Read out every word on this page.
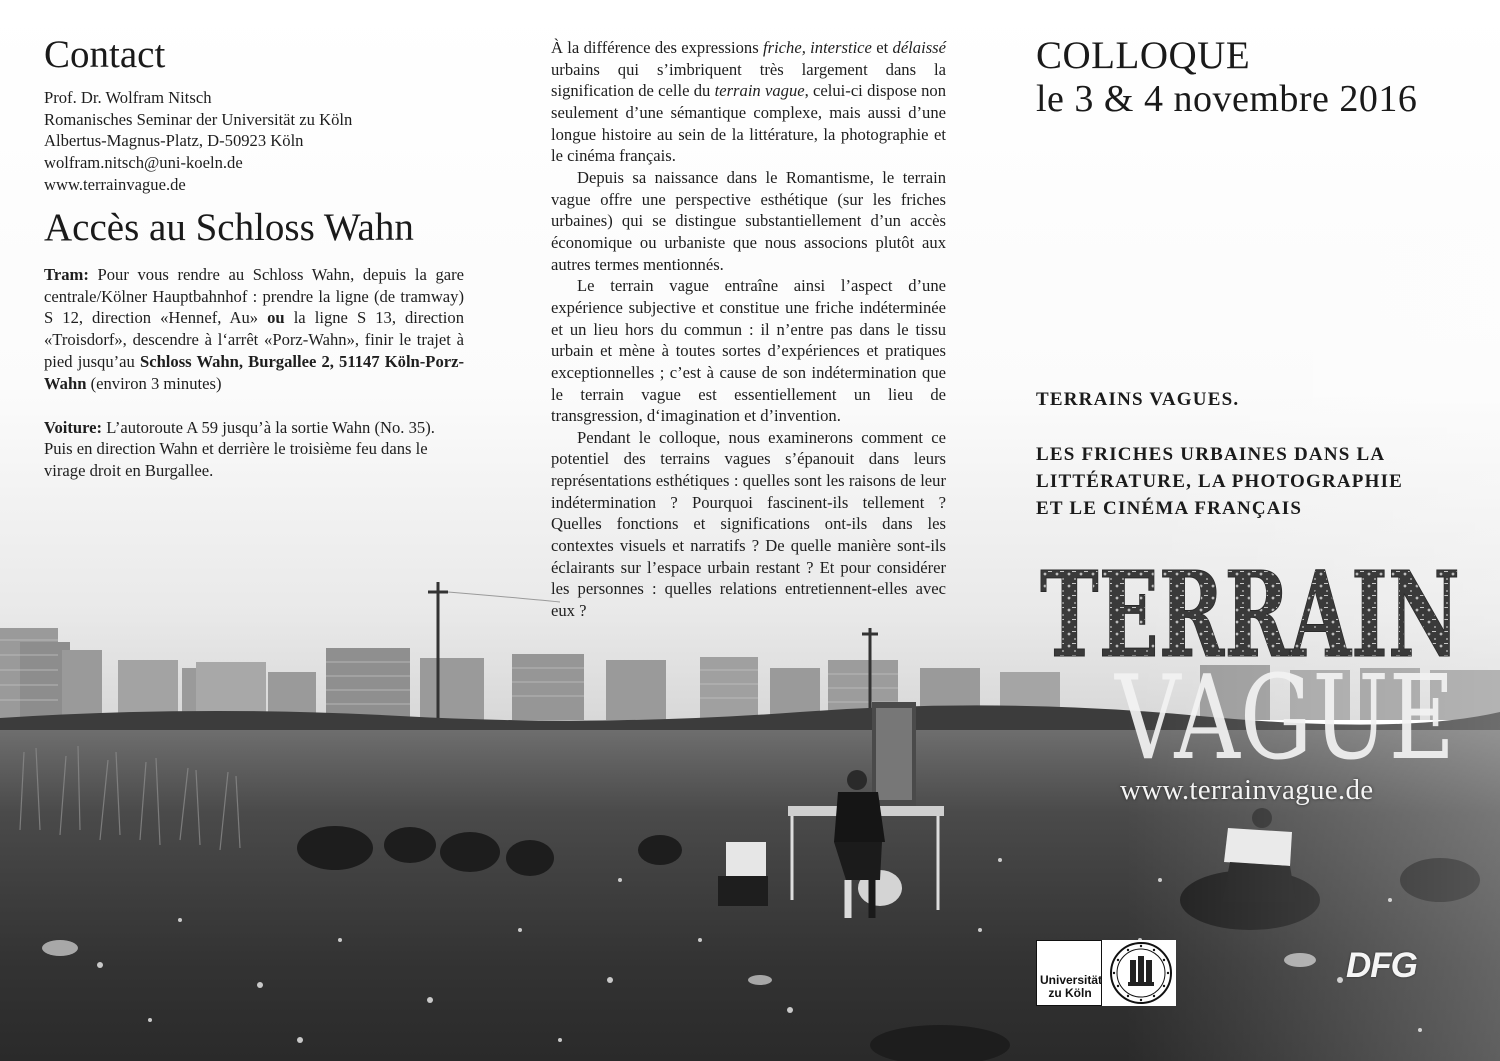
Contact

Prof. Dr. Wolfram Nitsch
Romanisches Seminar der Universität zu Köln
Albertus-Magnus-Platz, D-50923 Köln
wolfram.nitsch@uni-koeln.de
www.terrainvague.de

Accès au Schloss Wahn

Tram: Pour vous rendre au Schloss Wahn, depuis la gare centrale/Kölner Hauptbahnhof : prendre la ligne (de tramway) S 12, direction «Hennef, Au» ou la ligne S 13, direction «Troisdorf», descendre à l‘arrêt «Porz-Wahn», finir le trajet à pied jusqu’au Schloss Wahn, Burgallee 2, 51147 Köln-Porz-Wahn (environ 3 minutes)

Voiture: L’autoroute A 59 jusqu’à la sortie Wahn (No. 35). Puis en direction Wahn et derrière le troisième feu dans le virage droit en Burgallee.

À la différence des expressions friche, interstice et délaissé urbains qui s’imbriquent très largement dans la signification de celle du terrain vague, celui-ci dispose non seulement d’une sémantique complexe, mais aussi d’une longue histoire au sein de la littérature, la photographie et le cinéma français.

Depuis sa naissance dans le Romantisme, le terrain vague offre une perspective esthétique (sur les friches urbaines) qui se distingue substantiellement d’un accès économique ou urbaniste que nous associons plutôt aux autres termes mentionnés.

Le terrain vague entraîne ainsi l’aspect d’une expérience subjective et constitue une friche indéterminée et un lieu hors du commun : il n’entre pas dans le tissu urbain et mène à toutes sortes d’expériences et pratiques exceptionnelles ; c’est à cause de son indétermination que le terrain vague est essentiellement un lieu de transgression, d‘imagination et d’invention.

Pendant le colloque, nous examinerons comment ce potentiel des terrains vagues s’épanouit dans leurs représentations esthétiques : quelles sont les raisons de leur indétermination ? Pourquoi fascinent-ils tellement ? Quelles fonctions et significations ont-ils dans les contextes visuels et narratifs ? De quelle manière sont-ils éclairants sur l’espace urbain restant ? Et pour considérer les personnes : quelles relations entretiennent-elles avec eux ?

COLLOQUE

le 3 & 4 novembre 2016

TERRAINS VAGUES.

LES FRICHES URBAINES DANS LA

LITTÉRATURE, LA PHOTOGRAPHIE

ET LE CINÉMA FRANÇAIS

TERRAIN
VAGUE
www.terrainvague.de
Universität zu Köln
DFG
